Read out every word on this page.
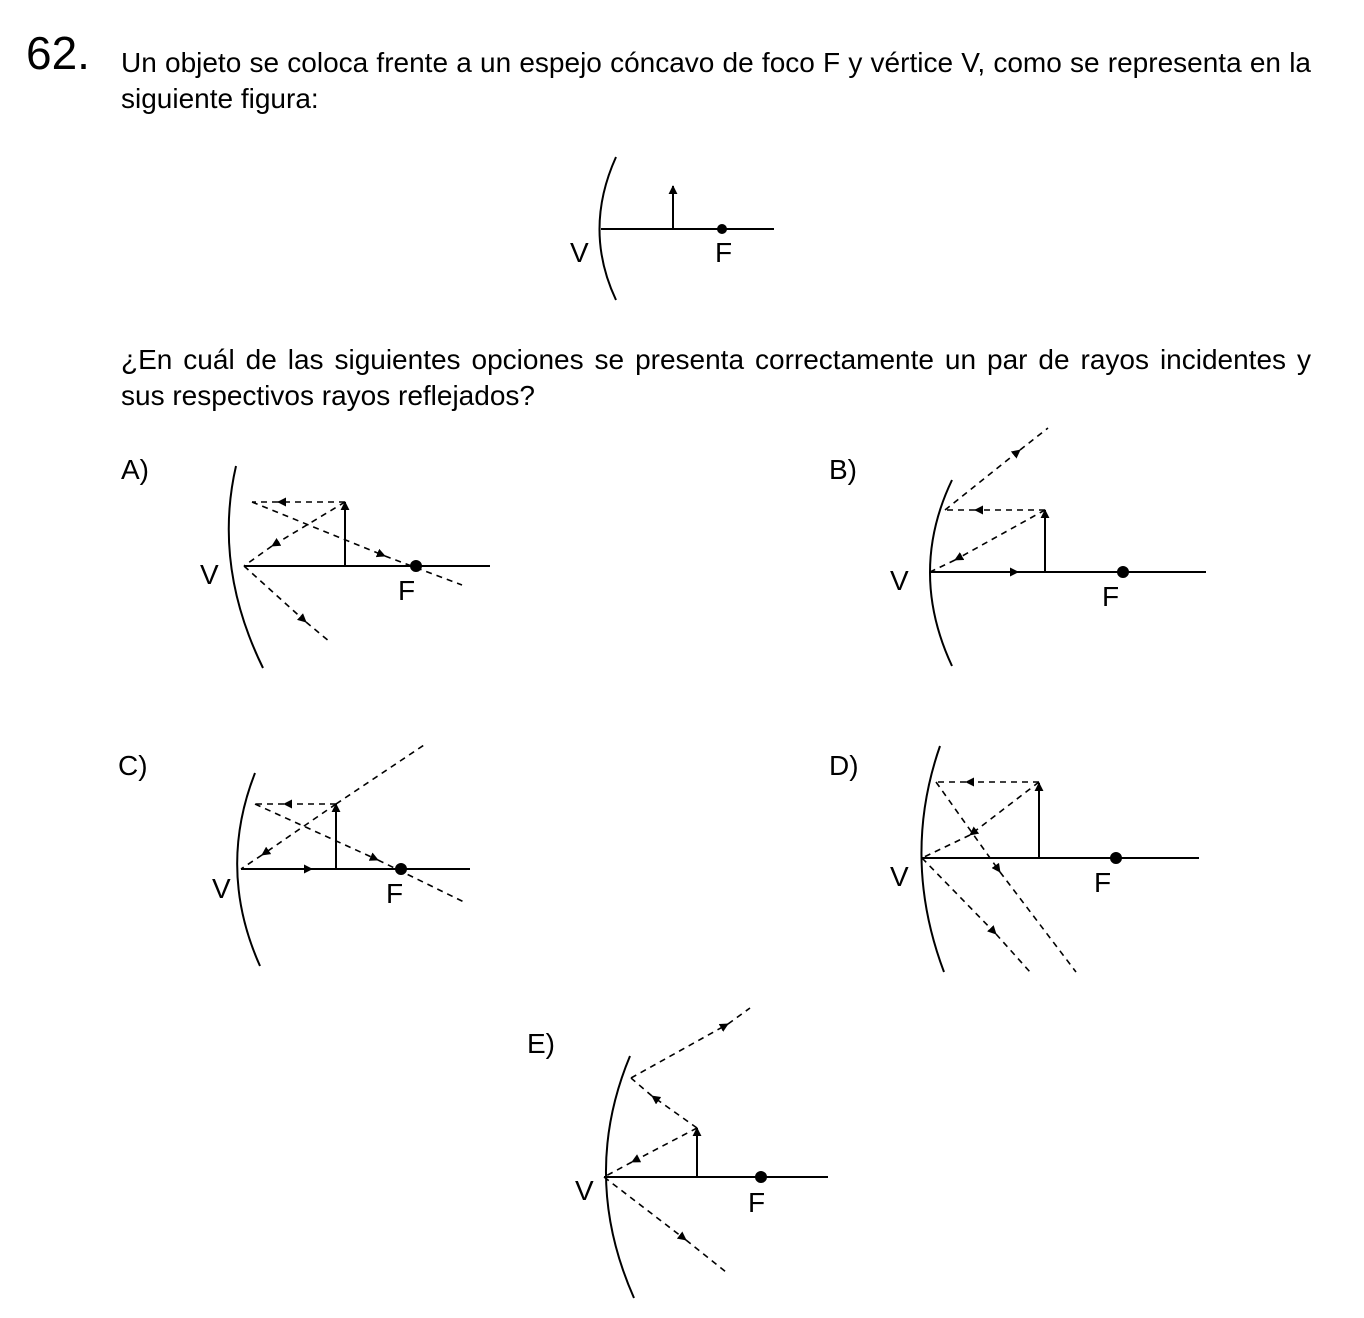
62. Un objeto se coloca frente a un espejo cóncavo de foco F y vértice V, como se representa en la siguiente figura:

¿En cuál de las siguientes opciones se presenta correctamente un par de rayos incidentes y sus respectivos rayos reflejados?

A)	B)
C)	D)
E)
V	F
V
F	V
F
V	F
V	F
V	F
